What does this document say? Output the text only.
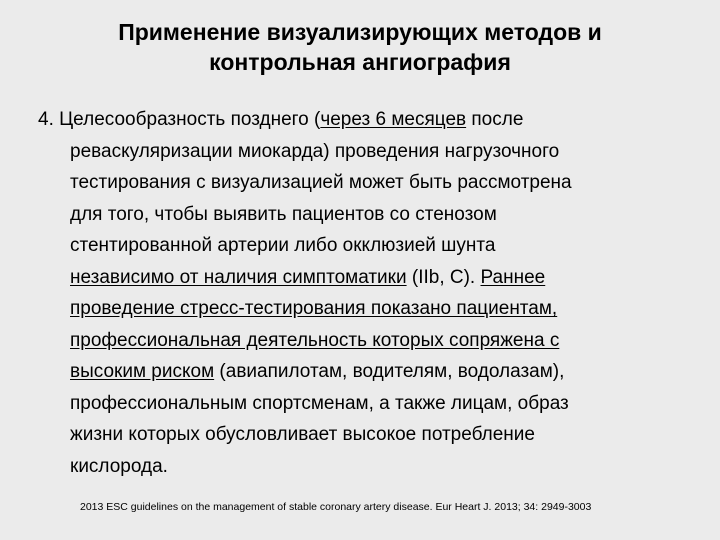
Применение визуализирующих методов и
контрольная ангиография
4. Целесообразность позднего (через 6 месяцев после
реваскуляризации миокарда) проведения нагрузочного
тестирования с визуализацией может быть рассмотрена
для того, чтобы выявить пациентов со стенозом
стентированной артерии либо окклюзией шунта
независимо от наличия симптоматики (IIb, C). Раннее
проведение стресс-тестирования показано пациентам,
профессиональная деятельность которых сопряжена с
высоким риском (авиапилотам, водителям, водолазам),
профессиональным спортсменам, а также лицам, образ
жизни которых обусловливает высокое потребление
кислорода.
2013 ESC guidelines on the management of stable coronary artery disease. Eur Heart J. 2013; 34: 2949-3003
